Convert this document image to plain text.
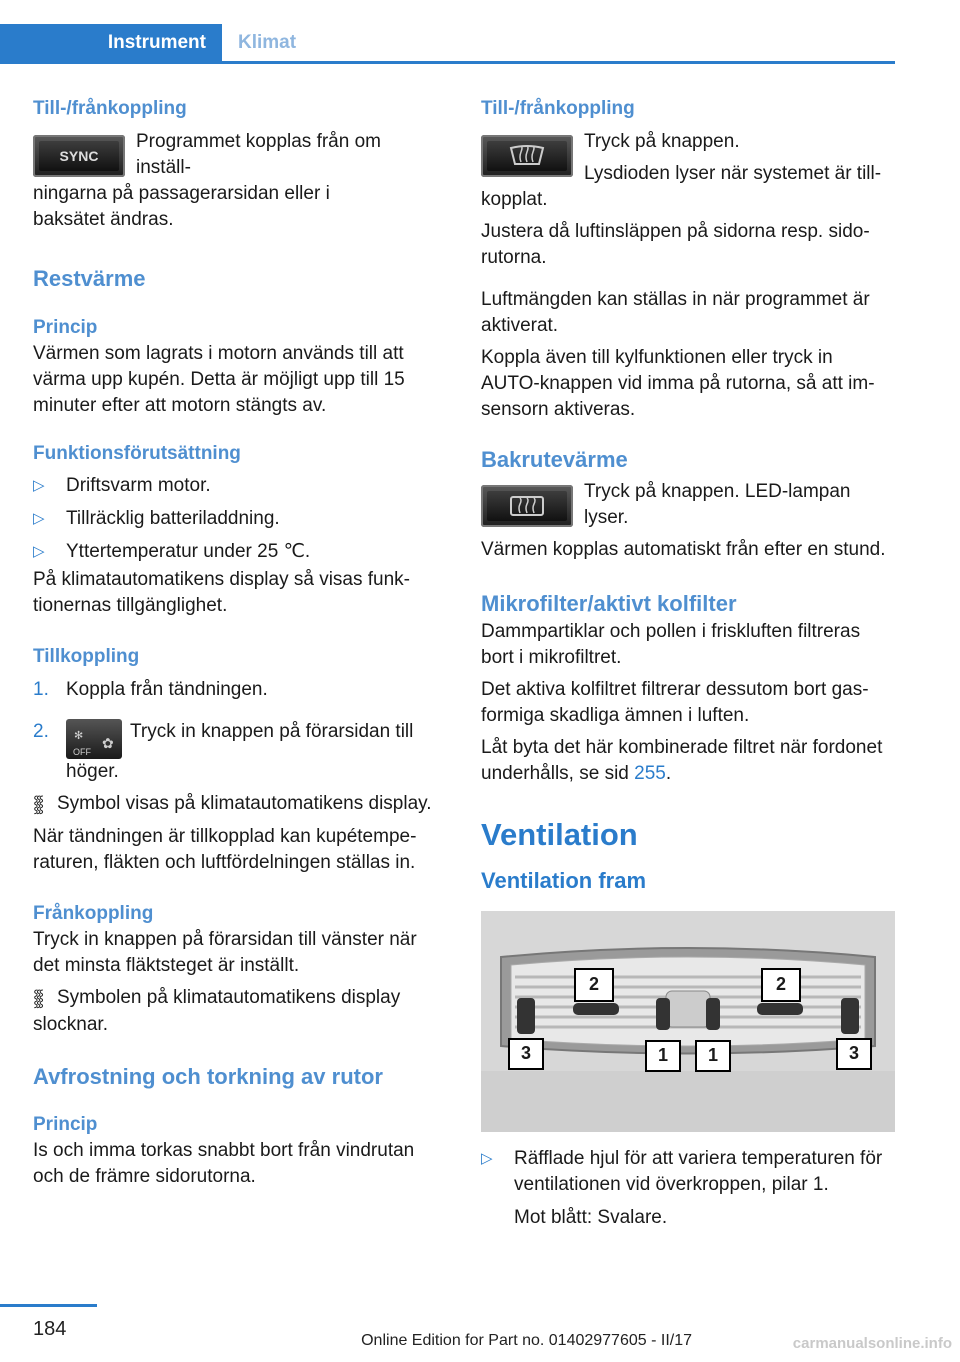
Instrument	Klimat
Till-/frånkoppling
SYNC

Programmet kopplas från om inställ-

ningarna på passagerarsidan eller i

baksätet ändras.

Restvärme
Princip

Värmen som lagrats i motorn används till att värma upp kupén. Detta är möjligt upp till 15 minuter efter att motorn stängts av.

Funktionsförutsättning
▷ Driftsvarm motor.
▷ Tillräcklig batteriladdning.
▷ Yttertemperatur under 25 ℃.

På klimatautomatikens display så visas funktionernas tillgänglighet.

Tillkoppling
1. Koppla från tändningen.
2. ✻
OFF
✿
Tryck in knappen på förarsidan till höger.

⸾⸾⸾ Symbol visas på klimatautomatikens display.

När tändningen är tillkopplad kan kupétemperaturen, fläkten och luftfördelningen ställas in.

Frånkoppling

Tryck in knappen på förarsidan till vänster när det minsta fläktsteget är inställt.

⸾⸾⸾ Symbolen på klimatautomatikens display slocknar.

Avfrostning och torkning av rutor
Princip

Is och imma torkas snabbt bort från vindrutan och de främre sidorutorna.

Till-/frånkoppling

Tryck på knappen.

Lysdioden lyser när systemet är tillkopplat.

Justera då luftinsläppen på sidorna resp. sidorutorna.

Luftmängden kan ställas in när programmet är aktiverat.

Koppla även till kylfunktionen eller tryck in AUTO-knappen vid imma på rutorna, så att imsensorn aktiveras.

Bakrutevärme

Tryck på knappen. LED-lampan lyser.

Värmen kopplas automatiskt från efter en stund.

Mikrofilter/aktivt kolfilter

Dammpartiklar och pollen i friskluften filtreras bort i mikrofiltret.

Det aktiva kolfiltret filtrerar dessutom bort gasformiga skadliga ämnen i luften.

Låt byta det här kombinerade filtret när fordonet underhålls, se sid 255.

Ventilation
Ventilation fram
2	2
3	1	1	3
▷ Räfflade hjul för att variera temperaturen för ventilationen vid överkroppen, pilar 1.

Mot blått: Svalare.

184
Online Edition for Part no. 01402977605 - II/17	carmanualsonline.info
